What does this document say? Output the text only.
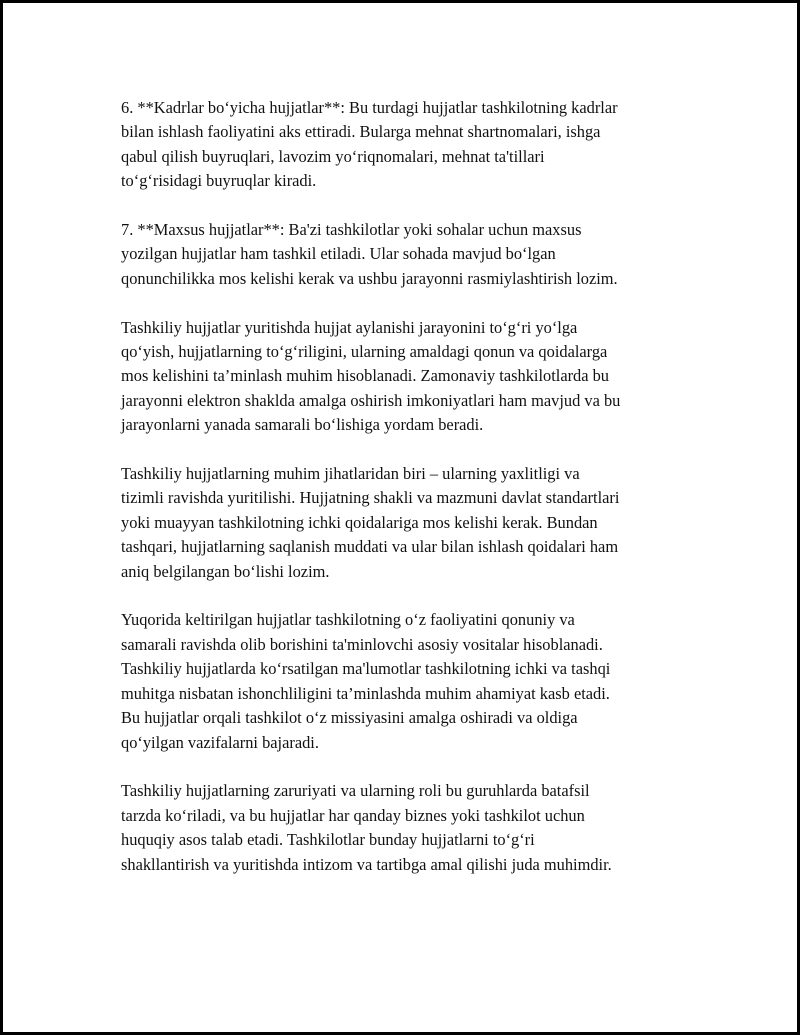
6. **Kadrlar bo‘yicha hujjatlar**: Bu turdagi hujjatlar tashkilotning kadrlar
bilan ishlash faoliyatini aks ettiradi. Bularga mehnat shartnomalari, ishga
qabul qilish buyruqlari, lavozim yo‘riqnomalari, mehnat ta'tillari
to‘g‘risidagi buyruqlar kiradi.

7. **Maxsus hujjatlar**: Ba'zi tashkilotlar yoki sohalar uchun maxsus
yozilgan hujjatlar ham tashkil etiladi. Ular sohada mavjud bo‘lgan
qonunchilikka mos kelishi kerak va ushbu jarayonni rasmiylashtirish lozim.

Tashkiliy hujjatlar yuritishda hujjat aylanishi jarayonini to‘g‘ri yo‘lga
qo‘yish, hujjatlarning to‘g‘riligini, ularning amaldagi qonun va qoidalarga
mos kelishini ta’minlash muhim hisoblanadi. Zamonaviy tashkilotlarda bu
jarayonni elektron shaklda amalga oshirish imkoniyatlari ham mavjud va bu
jarayonlarni yanada samarali bo‘lishiga yordam beradi.

Tashkiliy hujjatlarning muhim jihatlaridan biri – ularning yaxlitligi va
tizimli ravishda yuritilishi. Hujjatning shakli va mazmuni davlat standartlari
yoki muayyan tashkilotning ichki qoidalariga mos kelishi kerak. Bundan
tashqari, hujjatlarning saqlanish muddati va ular bilan ishlash qoidalari ham
aniq belgilangan bo‘lishi lozim.

Yuqorida keltirilgan hujjatlar tashkilotning o‘z faoliyatini qonuniy va
samarali ravishda olib borishini ta'minlovchi asosiy vositalar hisoblanadi.
Tashkiliy hujjatlarda ko‘rsatilgan ma'lumotlar tashkilotning ichki va tashqi
muhitga nisbatan ishonchliligini ta’minlashda muhim ahamiyat kasb etadi.
Bu hujjatlar orqali tashkilot o‘z missiyasini amalga oshiradi va oldiga
qo‘yilgan vazifalarni bajaradi.

Tashkiliy hujjatlarning zaruriyati va ularning roli bu guruhlarda batafsil
tarzda ko‘riladi, va bu hujjatlar har qanday biznes yoki tashkilot uchun
huquqiy asos talab etadi. Tashkilotlar bunday hujjatlarni to‘g‘ri
shakllantirish va yuritishda intizom va tartibga amal qilishi juda muhimdir.
